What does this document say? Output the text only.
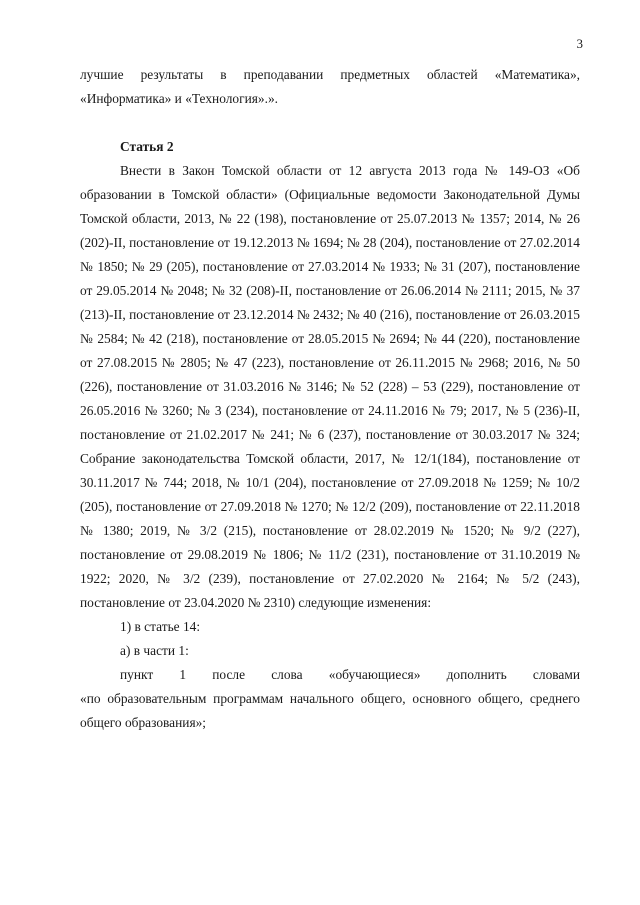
3

лучшие результаты в преподавании предметных областей «Математика», «Информатика» и «Технология».».

Статья 2

Внести в Закон Томской области от 12 августа 2013 года № 149-ОЗ «Об образовании в Томской области» (Официальные ведомости Законодательной Думы Томской области, 2013, № 22 (198), постановление от 25.07.2013 № 1357; 2014, № 26 (202)-II, постановление от 19.12.2013 № 1694; № 28 (204), постановление от 27.02.2014 № 1850; № 29 (205), постановление от 27.03.2014 № 1933; № 31 (207), постановление от 29.05.2014 № 2048; № 32 (208)-II, постановление от 26.06.2014 № 2111; 2015, № 37 (213)-II, постановление от 23.12.2014 № 2432; № 40 (216), постановление от 26.03.2015 № 2584; № 42 (218), постановление от 28.05.2015 № 2694; № 44 (220), постановление от 27.08.2015 № 2805; № 47 (223), постановление от 26.11.2015 № 2968; 2016, № 50 (226), постановление от 31.03.2016 № 3146; № 52 (228) – 53 (229), постановление от 26.05.2016 № 3260; № 3 (234), постановление от 24.11.2016 № 79; 2017, № 5 (236)-II, постановление от 21.02.2017 № 241; № 6 (237), постановление от 30.03.2017 № 324; Собрание законодательства Томской области, 2017, № 12/1(184), постановление от 30.11.2017 № 744; 2018, № 10/1 (204), постановление от 27.09.2018 № 1259; № 10/2 (205), постановление от 27.09.2018 № 1270; № 12/2 (209), постановление от 22.11.2018 № 1380; 2019, № 3/2 (215), постановление от 28.02.2019 № 1520; № 9/2 (227), постановление от 29.08.2019 № 1806; № 11/2 (231), постановление от 31.10.2019 № 1922; 2020, № 3/2 (239), постановление от 27.02.2020 № 2164; № 5/2 (243), постановление от 23.04.2020 № 2310) следующие изменения:

1) в статье 14:

а) в части 1:

пункт 1 после слова «обучающиеся» дополнить словами

«по образовательным программам начального общего, основного общего, среднего общего образования»;
